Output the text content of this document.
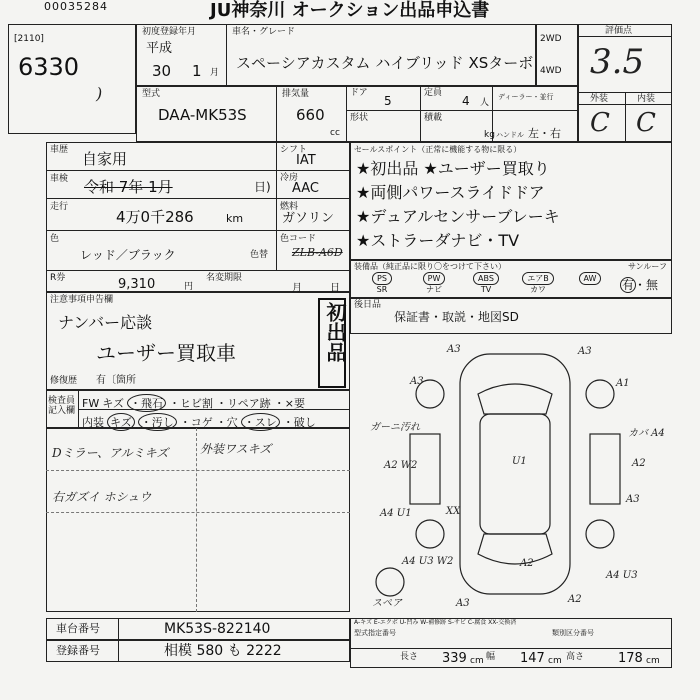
00035284	JU神奈川 オークション出品申込書
[2110]
6330
)
初度登録年月
平成
30 1 月
車名・グレード
スペーシアカスタム ハイブリッド XSターボ
2WD
4WD
評価点
3.5
外装	内装
C C
型式
DAA-MK53S
排気量
660
cc
ドア
5
定員
4 人
形状	積載
kg
ディーラー・並行
ハンドル 左・右
車歴 自家用
車検 令和 7年 1月	日)
走行
4万0千286	km
色
レッド／ブラック	色替
シフト
IAT
冷房
AAC
燃料
ガソリン
色コード
ZLB-A6D
R券	9,310	円
名変期限
月	日
セールスポイント（正常に機能する物に限る）
★初出品 ★ユーザー買取り
★両側パワースライドドア
★デュアルセンサーブレーキ
★ストラーダナビ・TV
装備品（純正品に限り〇をつけて下さい）	サンルーフ
PS
SR
PW
ナビ
ABS
TV
エアB
カワ
AW	有・無
後日品
保証書・取説・地図SD
注意事項申告欄
ナンバー応談
ユーザー買取車	初出品
修復歴 有〔箇所
検査員 記入欄
FW キズ ・飛石 ・ヒビ割 ・リペア跡 ・×要
内装 キズ ・汚し ・コゲ ・穴 ・スレ ・破し
Dミラー、アルミキズ
右ガズイ ホシュウ
外装ワスキズ
A3	A3
A3	A1
カバ A4
A2
A3
A4 U1	XX
U1
A2 W2
ガーニ汚れ
A4 U3 W2	A2
A4 U3
A3	A2
スペア
車台番号	MK53S-822140
登録番号	相模 580 も 2222
A-キズ E-エクボ U-凹み W-補修跡 S-サビ C-腐食 XX-交換済
型式指定番号	類別区分番号
長さ 339 cm 幅 147 cm 高さ	178 cm
